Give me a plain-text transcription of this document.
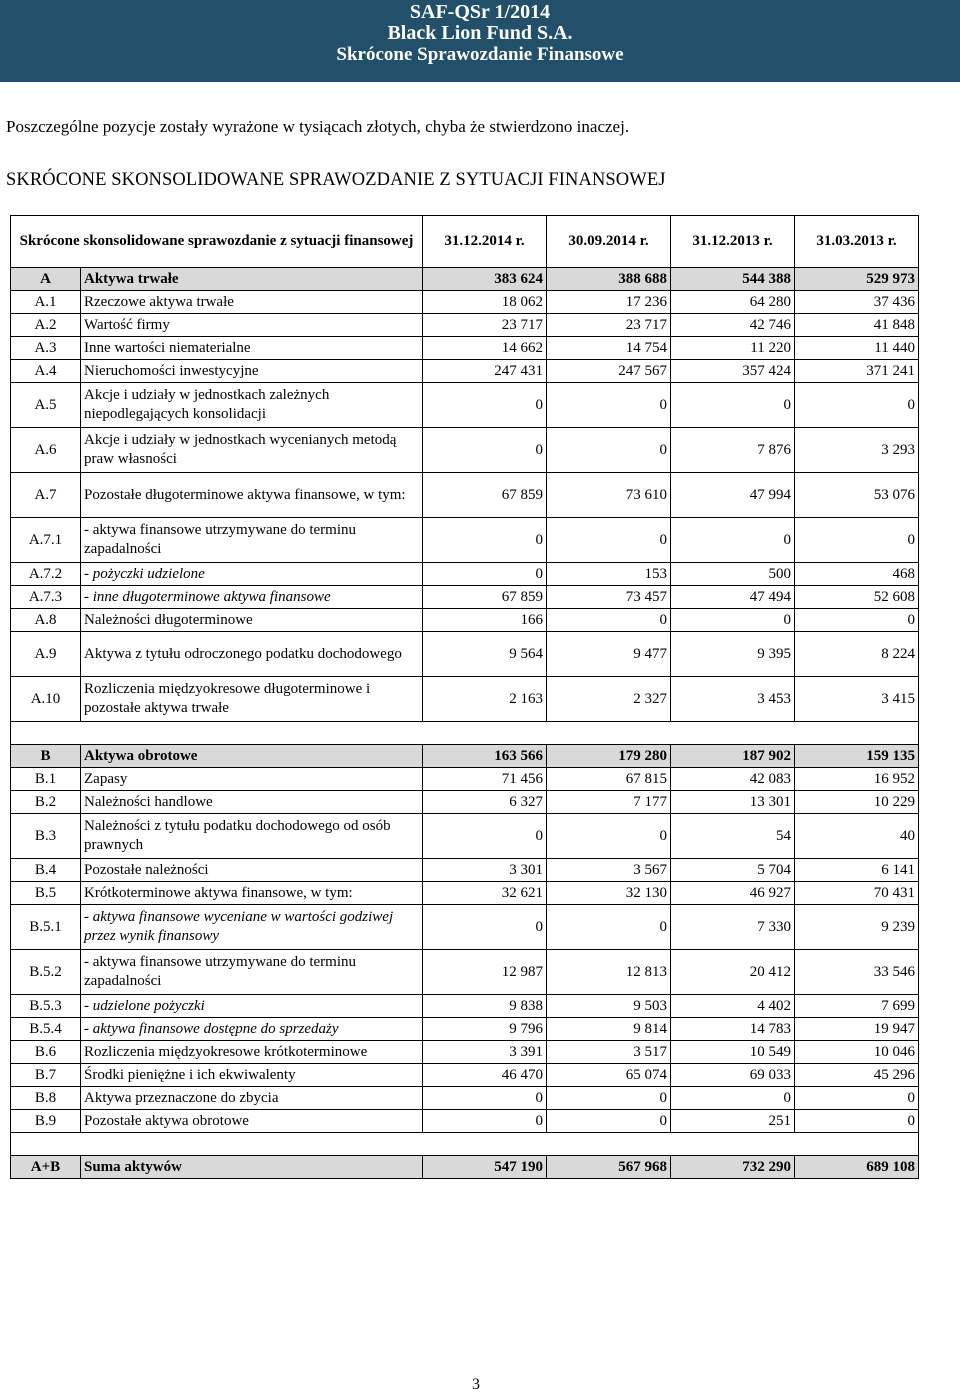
SAF-QSr 1/2014
Black Lion Fund S.A.
Skrócone Sprawozdanie Finansowe
Poszczególne pozycje zostały wyrażone w tysiącach złotych, chyba że stwierdzono inaczej.
SKRÓCONE SKONSOLIDOWANE SPRAWOZDANIE Z SYTUACJI FINANSOWEJ
Skrócone skonsolidowane sprawozdanie z sytuacji finansowej		31.12.2014 r.	30.09.2014 r.	31.12.2013 r.	31.03.2013 r.
A	Aktywa trwałe	383 624	388 688	544 388	529 973
A.1	Rzeczowe aktywa trwałe	18 062	17 236	64 280	37 436
A.2	Wartość firmy	23 717	23 717	42 746	41 848
A.3	Inne wartości niematerialne	14 662	14 754	11 220	11 440
A.4	Nieruchomości inwestycyjne	247 431	247 567	357 424	371 241
A.5	Akcje i udziały w jednostkach zależnych niepodlegających konsolidacji	0	0	0	0
A.6	Akcje i udziały w jednostkach wycenianych metodą praw własności	0	0	7 876	3 293
A.7	Pozostałe długoterminowe aktywa finansowe, w tym:	67 859	73 610	47 994	53 076
A.7.1	- aktywa finansowe utrzymywane do terminu zapadalności	0	0	0	0
A.7.2	- pożyczki udzielone	0	153	500	468
A.7.3	- inne długoterminowe aktywa finansowe	67 859	73 457	47 494	52 608
A.8	Należności długoterminowe	166	0	0	0
A.9	Aktywa z tytułu odroczonego podatku dochodowego	9 564	9 477	9 395	8 224
A.10	Rozliczenia międzyokresowe długoterminowe i pozostałe aktywa trwałe	2 163	2 327	3 453	3 415

B	Aktywa obrotowe	163 566	179 280	187 902	159 135
B.1	Zapasy	71 456	67 815	42 083	16 952
B.2	Należności handlowe	6 327	7 177	13 301	10 229
B.3	Należności z tytułu podatku dochodowego od osób prawnych	0	0	54	40
B.4	Pozostałe należności	3 301	3 567	5 704	6 141
B.5	Krótkoterminowe aktywa finansowe, w tym:	32 621	32 130	46 927	70 431
B.5.1	- aktywa finansowe wyceniane w wartości godziwej przez wynik finansowy	0	0	7 330	9 239
B.5.2	- aktywa finansowe utrzymywane do terminu zapadalności	12 987	12 813	20 412	33 546
B.5.3	- udzielone pożyczki	9 838	9 503	4 402	7 699
B.5.4	- aktywa finansowe dostępne do sprzedaży	9 796	9 814	14 783	19 947
B.6	Rozliczenia międzyokresowe krótkoterminowe	3 391	3 517	10 549	10 046
B.7	Środki pieniężne i ich ekwiwalenty	46 470	65 074	69 033	45 296
B.8	Aktywa przeznaczone do zbycia	0	0	0	0
B.9	Pozostałe aktywa obrotowe	0	0	251	0

A+B	Suma aktywów	547 190	567 968	732 290	689 108
3
